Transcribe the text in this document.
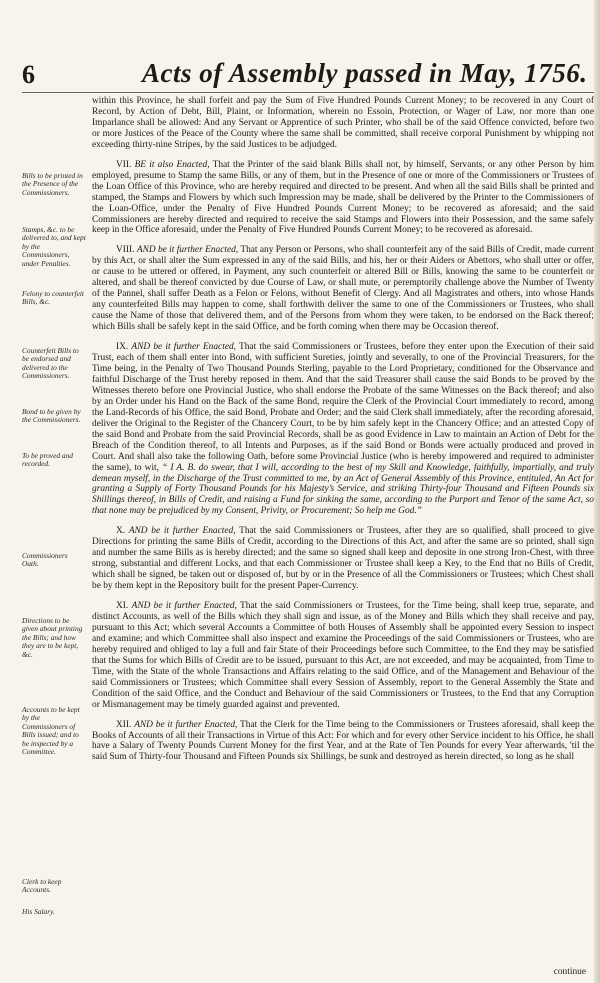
6	Acts of Assembly passed in May, 1756.

within this Province, he shall forfeit and pay the Sum of Five Hundred Pounds Current Money; to be recovered in any Court of Record, by Action of Debt, Bill, Plaint, or Information, wherein no Essoin, Protection, or Wager of Law, nor more than one Imparlance shall be allowed: And any Servant or Apprentice of such Printer, who shall be of the said Offence convicted, before two or more Justices of the Peace of the County where the same shall be committed, shall receive corporal Punishment by whipping not exceeding thirty-nine Stripes, by the said Justices to be adjudged.

VII. BE it also Enacted, That the Printer of the said blank Bills shall not, by himself, Servants, or any other Person by him employed, presume to Stamp the same Bills, or any of them, but in the Presence of one or more of the Commissioners or Trustees of the Loan Office of this Province, who are hereby required and directed to be present. And when all the said Bills shall be printed and stamped, the Stamps and Flowers by which such Impression may be made, shall be delivered by the Printer to the Commissioners of the Loan-Office, under the Penalty of Five Hundred Pounds Current Money; to be recovered as aforesaid; and the said Commissioners are hereby directed and required to receive the said Stamps and Flowers into their Possession, and the same safely keep in the Office aforesaid, under the Penalty of Five Hundred Pounds Current Money; to be recovered as aforesaid.

VIII. AND be it further Enacted, That any Person or Persons, who shall counterfeit any of the said Bills of Credit, made current by this Act, or shall alter the Sum expressed in any of the said Bills, and his, her or their Aiders or Abettors, who shall utter or offer, or cause to be uttered or offered, in Payment, any such counterfeit or altered Bill or Bills, knowing the same to be counterfeit or altered, and shall be thereof convicted by due Course of Law, or shall mute, or peremptorily challenge above the Number of Twenty of the Pannel, shall suffer Death as a Felon or Felons, without Benefit of Clergy. And all Magistrates and others, into whose Hands any counterfeited Bills may happen to come, shall forthwith deliver the same to one of the Commissioners or Trustees, who shall cause the Name of those that delivered them, and of the Persons from whom they were taken, to be endorsed on the Back thereof; which Bills shall be safely kept in the said Office, and be forth coming when there may be Occasion thereof.

IX. AND be it further Enacted, That the said Commissioners or Trustees, before they enter upon the Execution of their said Trust, each of them shall enter into Bond, with sufficient Sureties, jointly and severally, to one of the Provincial Treasurers, for the Time being, in the Penalty of Two Thousand Pounds Sterling, payable to the Lord Proprietary, conditioned for the Observance and faithful Discharge of the Trust hereby reposed in them. And that the said Treasurer shall cause the said Bonds to be proved by the Witnesses thereto before one Provincial Justice, who shall endorse the Probate of the same Witnesses on the Back thereof; and also by an Order under his Hand on the Back of the same Bond, require the Clerk of the Provincial Court immediately to record, among the Land-Records of his Office, the said Bond, Probate and Order; and the said Clerk shall immediately, after the recording aforesaid, deliver the Original to the Register of the Chancery Court, to be by him safely kept in the Chancery Office; and an attested Copy of the said Bond and Probate from the said Provincial Records, shall be as good Evidence in Law to maintain an Action of Debt for the Breach of the Condition thereof, to all Intents and Purposes, as if the said Bond or Bonds were actually produced and proved in Court. And shall also take the following Oath, before some Provincial Justice (who is hereby impowered and required to administer the same), to wit, “ I A. B. do swear, that I will, according to the best of my Skill and Knowledge, faithfully, impartially, and truly demean myself, in the Discharge of the Trust committed to me, by an Act of General Assembly of this Province, entituled, An Act for granting a Supply of Forty Thousand Pounds for his Majesty’s Service, and striking Thirty-four Thousand and Fifteen Pounds six Shillings thereof, in Bills of Credit, and raising a Fund for sinking the same, according to the Purport and Tenor of the same Act, so that none may be prejudiced by my Consent, Privity, or Procurement; So help me God.”

X. AND be it further Enacted, That the said Commissioners or Trustees, after they are so qualified, shall proceed to give Directions for printing the same Bills of Credit, according to the Directions of this Act, and after the same are so printed, shall sign and number the same Bills as is hereby directed; and the same so signed shall keep and deposite in one strong Iron-Chest, with three strong, substantial and different Locks, and that each Commissioner or Trustee shall keep a Key, to the End that no Bills of Credit, which shall be signed, be taken out or disposed of, but by or in the Presence of all the Commissioners or Trustees; which Chest shall be by them kept in the Repository built for the present Paper-Currency.

XI. AND be it further Enacted, That the said Commissioners or Trustees, for the Time being, shall keep true, separate, and distinct Accounts, as well of the Bills which they shall sign and issue, as of the Money and Bills which they shall receive and pay, pursuant to this Act; which several Accounts a Committee of both Houses of Assembly shall be appointed every Session to inspect and examine; and which Committee shall also inspect and examine the Proceedings of the said Commissioners or Trustees, who are hereby required and obliged to lay a full and fair State of their Proceedings before such Committee, to the End they may be satisfied that the Sums for which Bills of Credit are to be issued, pursuant to this Act, are not exceeded, and may be acquainted, from Time to Time, with the State of the whole Transactions and Affairs relating to the said Office, and of the Management and Behaviour of the said Commissioners or Trustees; which Committee shall every Session of Assembly, report to the General Assembly the State and Condition of the said Office, and the Conduct and Behaviour of the said Commissioners or Trustees, to the End that any Corruption or Mismanagement may be timely guarded against and prevented.

XII. AND be it further Enacted, That the Clerk for the Time being to the Commissioners or Trustees aforesaid, shall keep the Books of Accounts of all their Transactions in Virtue of this Act: For which and for every other Service incident to his Office, he shall have a Salary of Twenty Pounds Current Money for the first Year, and at the Rate of Ten Pounds for every Year afterwards, 'til the said Sum of Thirty-four Thousand and Fifteen Pounds six Shillings, be sunk and destroyed as herein directed, so long as he shall

continue
Bills to be printed in the Presence of the Commissioners.
Stamps, &c. to be delivered to, and kept by the Commissioners, under Penalties.
Felony to counterfeit Bills, &c.
Counterfeit Bills to be endorsed and delivered to the Commissioners.
Bond to be given by the Commissioners.
To be proved and recorded.
Commissioners Oath.
Directions to be given about printing the Bills; and how they are to be kept, &c.
Accounts to be kept by the Commissioners of Bills issued; and to be inspected by a Committee.
Clerk to keep Accounts.
His Salary.
